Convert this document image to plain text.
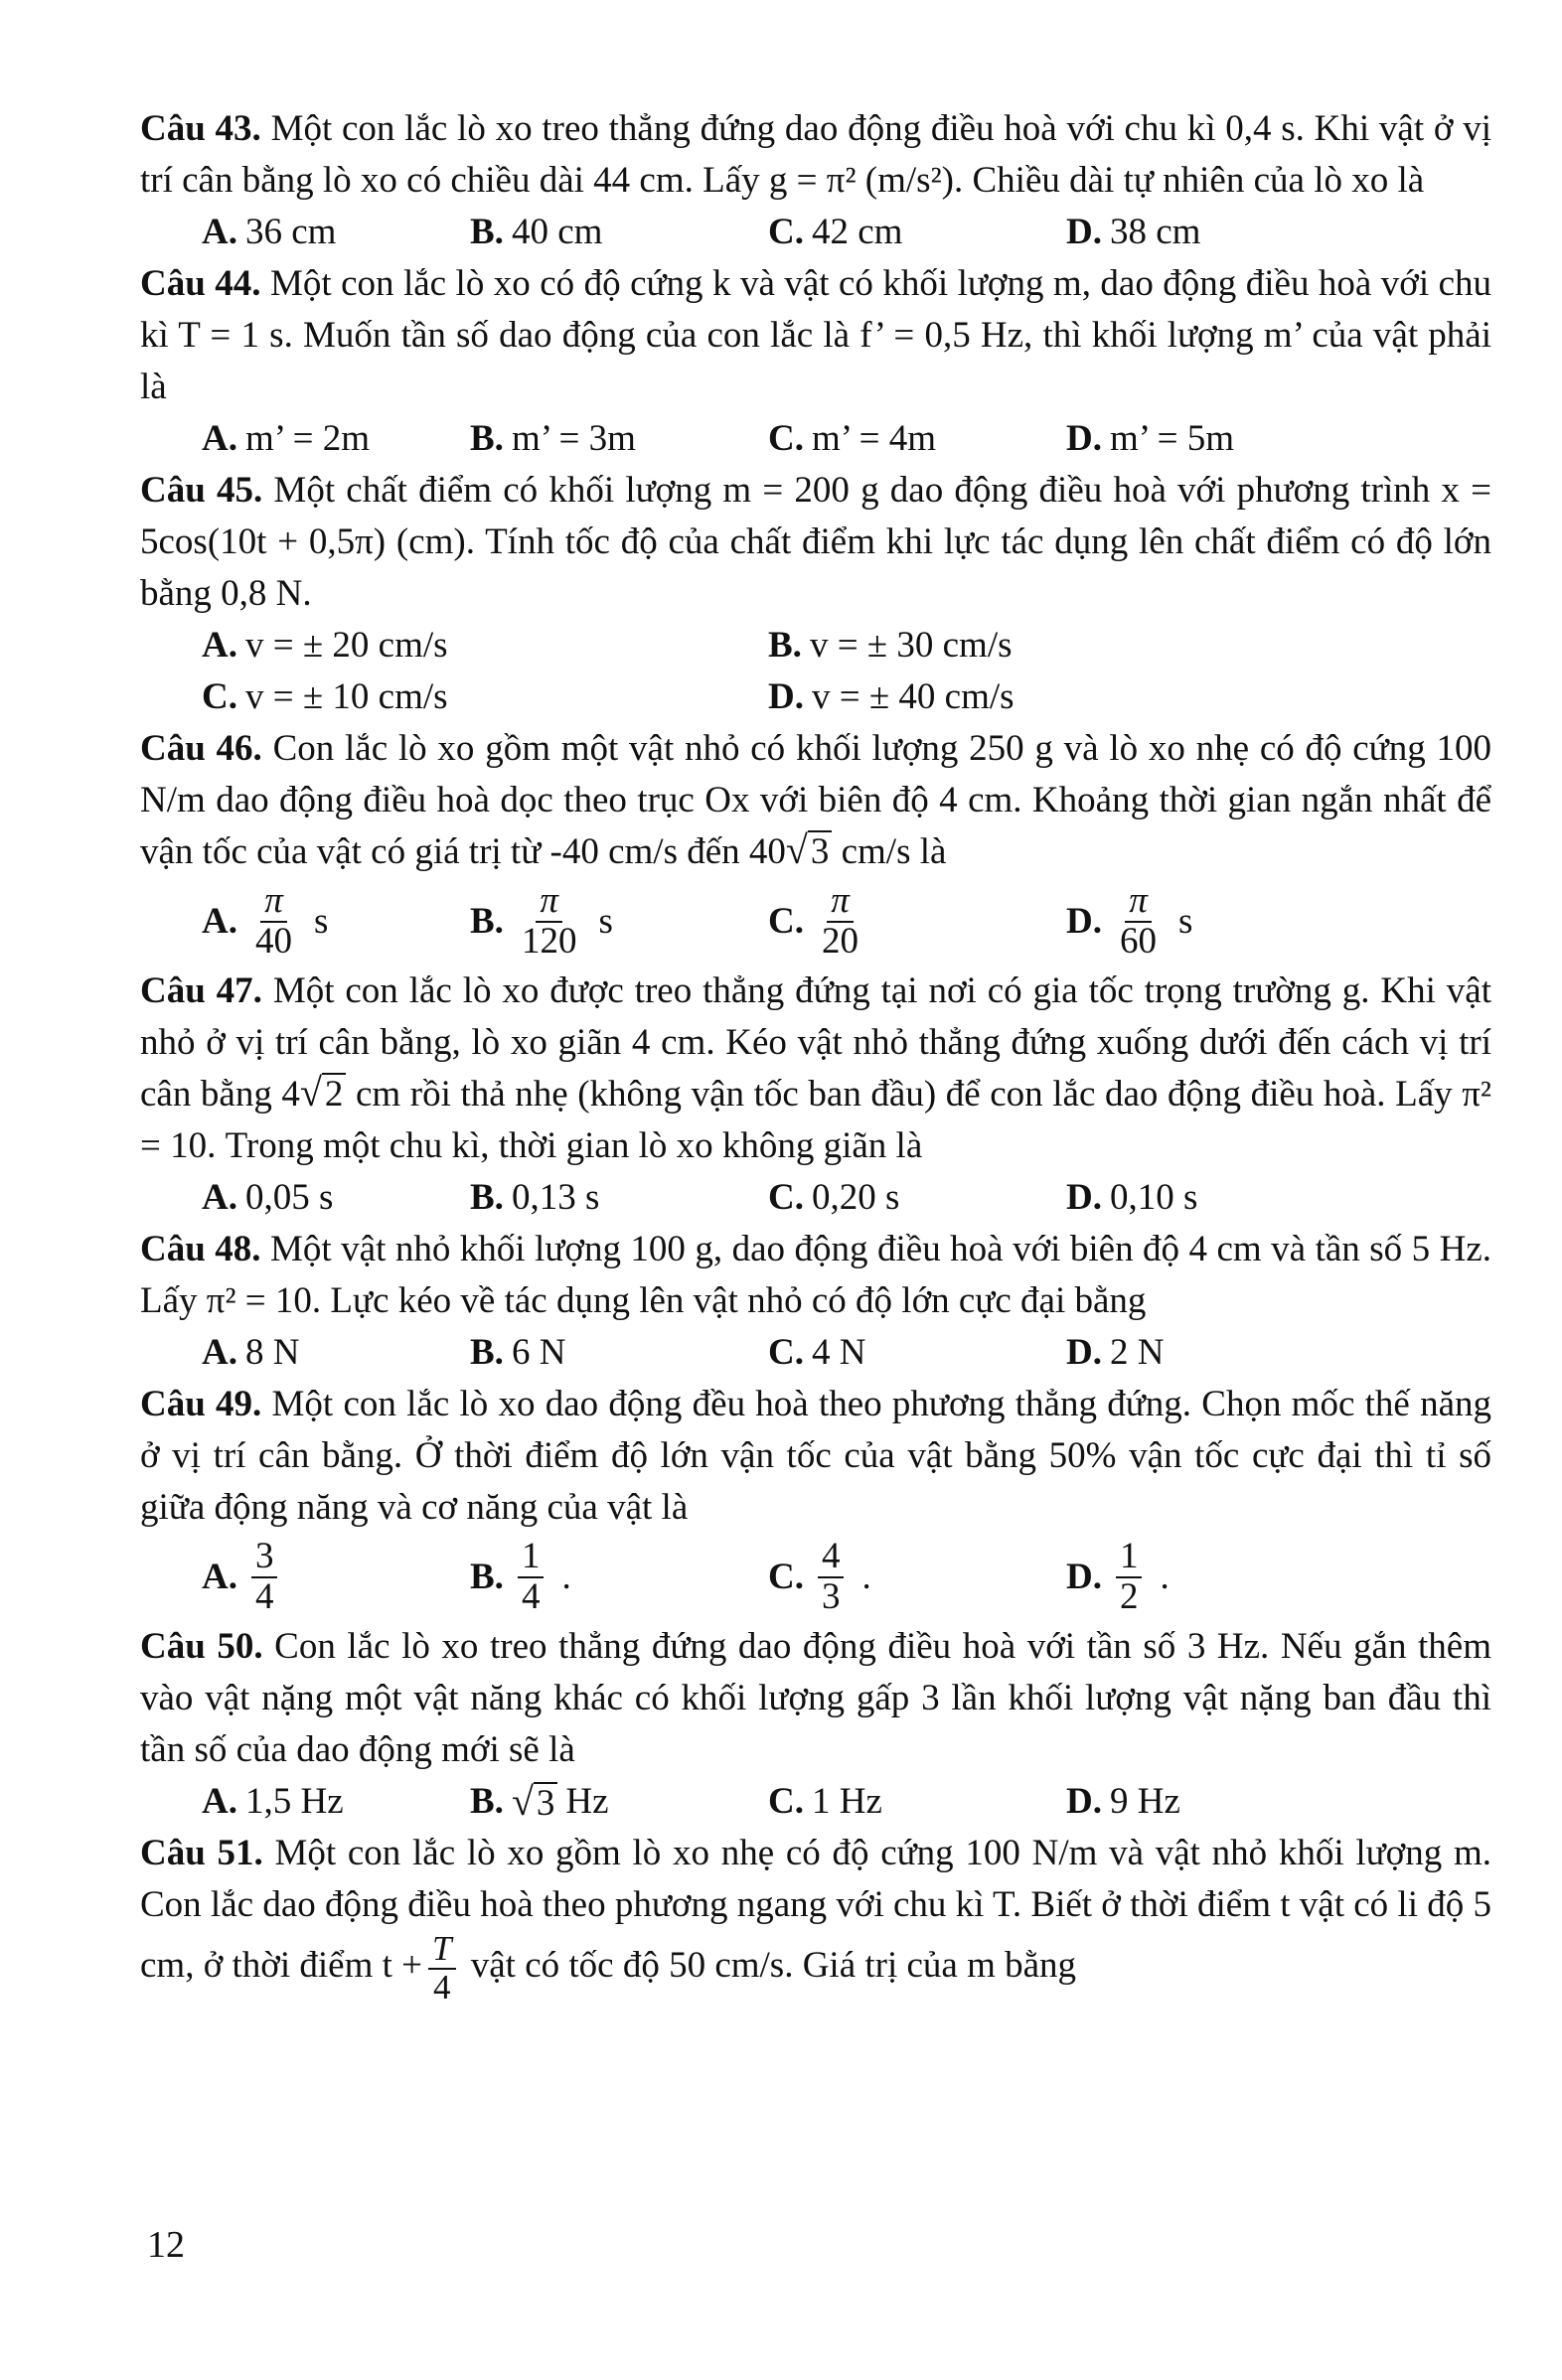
Câu 43. Một con lắc lò xo treo thẳng đứng dao động điều hoà với chu kì 0,4 s. Khi vật ở vị trí cân bằng lò xo có chiều dài 44 cm. Lấy g = π² (m/s²). Chiều dài tự nhiên của lò xo là
A. 36 cm	B. 40 cm	C. 42 cm	D. 38 cm
Câu 44. Một con lắc lò xo có độ cứng k và vật có khối lượng m, dao động điều hoà với chu kì T = 1 s. Muốn tần số dao động của con lắc là f’ = 0,5 Hz, thì khối lượng m’ của vật phải là
A. m’ = 2m	B. m’ = 3m	C. m’ = 4m	D. m’ = 5m
Câu 45. Một chất điểm có khối lượng m = 200 g dao động điều hoà với phương trình x = 5cos(10t + 0,5π) (cm). Tính tốc độ của chất điểm khi lực tác dụng lên chất điểm có độ lớn bằng 0,8 N.
A. v = ± 20 cm/s	B. v = ± 30 cm/s
C. v = ± 10 cm/s	D. v = ± 40 cm/s
Câu 46. Con lắc lò xo gồm một vật nhỏ có khối lượng 250 g và lò xo nhẹ có độ cứng 100 N/m dao động điều hoà dọc theo trục Ox với biên độ 4 cm. Khoảng thời gian ngắn nhất để vận tốc của vật có giá trị từ -40 cm/s đến 40 √ 3 cm/s là
A. $\frac{\pi}{40}$ s	B. $\frac{\pi}{120}$ s	C. $\frac{\pi}{20}$	D. $\frac{\pi}{60}$ s
Câu 47. Một con lắc lò xo được treo thẳng đứng tại nơi có gia tốc trọng trường g. Khi vật nhỏ ở vị trí cân bằng, lò xo giãn 4 cm. Kéo vật nhỏ thẳng đứng xuống dưới đến cách vị trí cân bằng 4 √ 2 cm rồi thả nhẹ (không vận tốc ban đầu) để con lắc dao động điều hoà. Lấy π² = 10. Trong một chu kì, thời gian lò xo không giãn là
A. 0,05 s	B. 0,13 s	C. 0,20 s	D. 0,10 s
Câu 48. Một vật nhỏ khối lượng 100 g, dao động điều hoà với biên độ 4 cm và tần số 5 Hz. Lấy π² = 10. Lực kéo về tác dụng lên vật nhỏ có độ lớn cực đại bằng
A. 8 N	B. 6 N	C. 4 N	D. 2 N
Câu 49. Một con lắc lò xo dao động đều hoà theo phương thẳng đứng. Chọn mốc thế năng ở vị trí cân bằng. Ở thời điểm độ lớn vận tốc của vật bằng 50% vận tốc cực đại thì tỉ số giữa động năng và cơ năng của vật là
A. $\frac{3}{4}$	B. $\frac{1}{4}$ .	C. $\frac{4}{3}$ .	D. $\frac{1}{2}$ .
Câu 50. Con lắc lò xo treo thẳng đứng dao động điều hoà với tần số 3 Hz. Nếu gắn thêm vào vật nặng một vật năng khác có khối lượng gấp 3 lần khối lượng vật nặng ban đầu thì tần số của dao động mới sẽ là
A. 1,5 Hz	B. √ 3 Hz	C. 1 Hz	D. 9 Hz
Câu 51. Một con lắc lò xo gồm lò xo nhẹ có độ cứng 100 N/m và vật nhỏ khối lượng m. Con lắc dao động điều hoà theo phương ngang với chu kì T. Biết ở thời điểm t vật có li độ 5 cm, ở thời điểm $t + \frac{T}{4}$ vật có tốc độ 50 cm/s. Giá trị của m bằng
12
